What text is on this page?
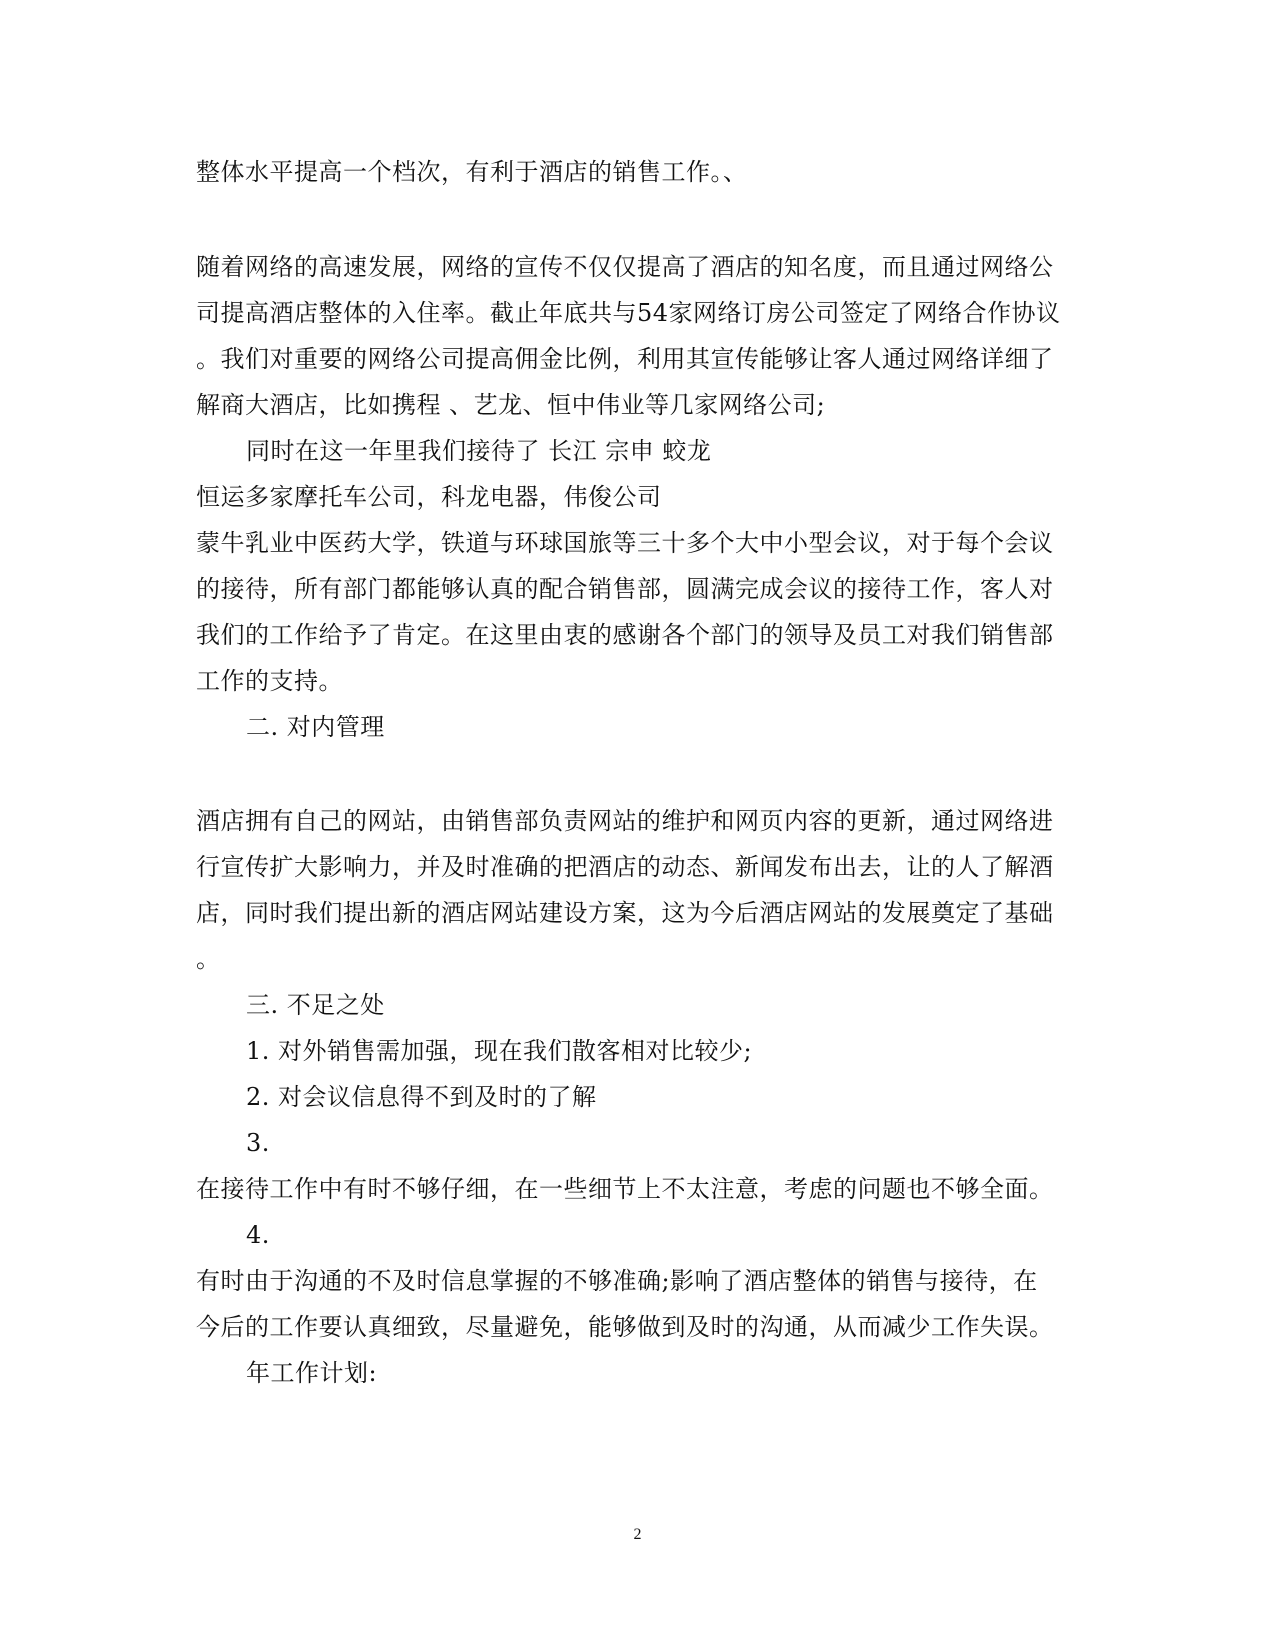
整体水平提高一个档次，有利于酒店的销售工作。、
随着网络的高速发展，网络的宣传不仅仅提高了酒店的知名度，而且通过网络公
司提高酒店整体的入住率。截止年底共与54家网络订房公司签定了网络合作协议
。我们对重要的网络公司提高佣金比例，利用其宣传能够让客人通过网络详细了
解商大酒店，比如携程 、艺龙、恒中伟业等几家网络公司;
同时在这一年里我们接待了 长江 宗申 蛟龙
恒运多家摩托车公司，科龙电器，伟俊公司
蒙牛乳业中医药大学，铁道与环球国旅等三十多个大中小型会议，对于每个会议
的接待，所有部门都能够认真的配合销售部，圆满完成会议的接待工作，客人对
我们的工作给予了肯定。在这里由衷的感谢各个部门的领导及员工对我们销售部
工作的支持。
二. 对内管理
酒店拥有自己的网站，由销售部负责网站的维护和网页内容的更新，通过网络进
行宣传扩大影响力，并及时准确的把酒店的动态、新闻发布出去，让的人了解酒
店，同时我们提出新的酒店网站建设方案，这为今后酒店网站的发展奠定了基础
。
三. 不足之处
1. 对外销售需加强，现在我们散客相对比较少;
2. 对会议信息得不到及时的了解
3.
在接待工作中有时不够仔细，在一些细节上不太注意，考虑的问题也不够全面。
4.
有时由于沟通的不及时信息掌握的不够准确;影响了酒店整体的销售与接待，在
今后的工作要认真细致，尽量避免，能够做到及时的沟通，从而减少工作失误。
年工作计划:
2
